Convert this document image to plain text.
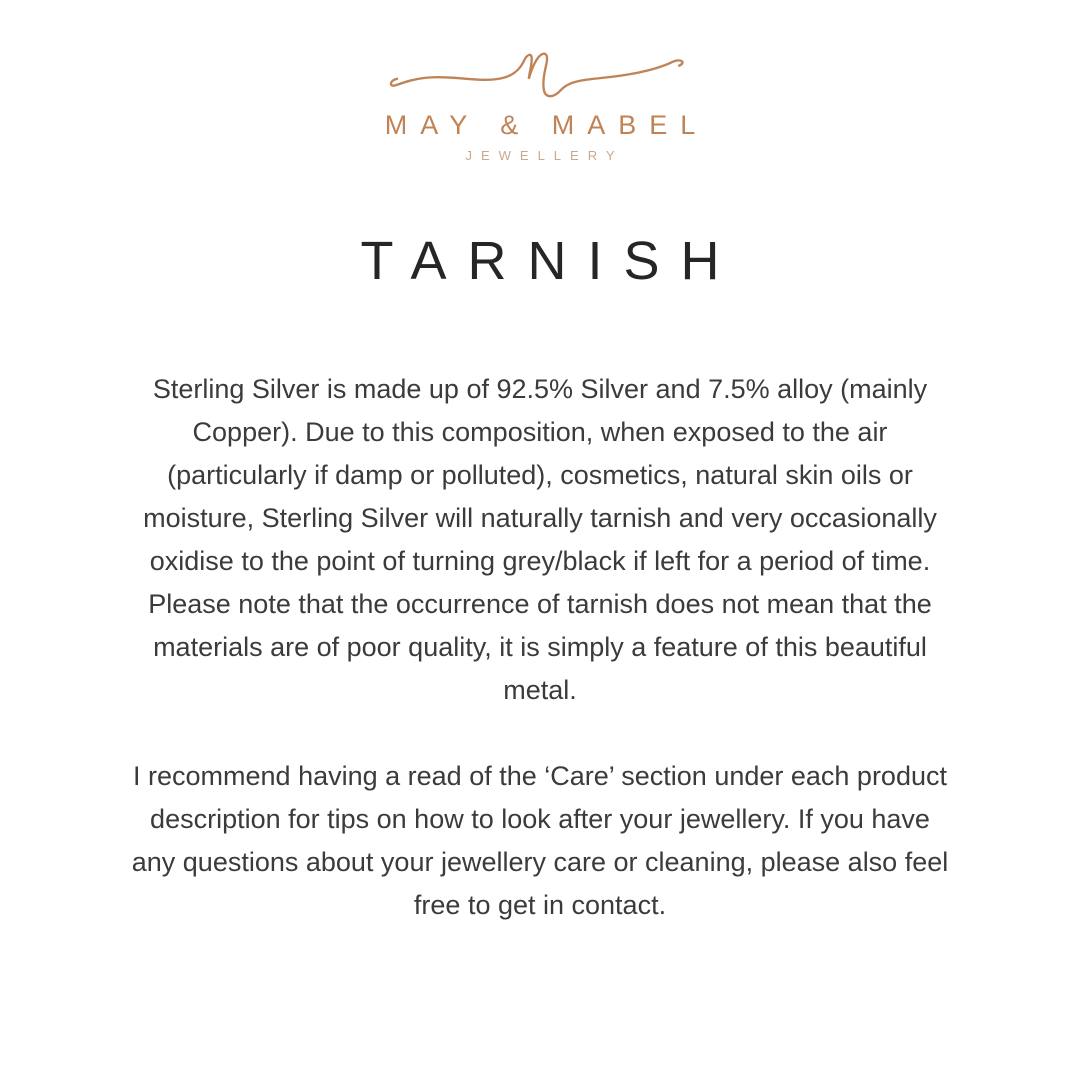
MAY & MABEL
JEWELLERY
TARNISH
Sterling Silver is made up of 92.5% Silver and 7.5% alloy (mainly
Copper). Due to this composition, when exposed to the air
(particularly if damp or polluted), cosmetics, natural skin oils or
moisture, Sterling Silver will naturally tarnish and very occasionally
oxidise to the point of turning grey/black if left for a period of time.
Please note that the occurrence of tarnish does not mean that the
materials are of poor quality, it is simply a feature of this beautiful
metal.
I recommend having a read of the ‘Care’ section under each product
description for tips on how to look after your jewellery. If you have
any questions about your jewellery care or cleaning, please also feel
free to get in contact.
